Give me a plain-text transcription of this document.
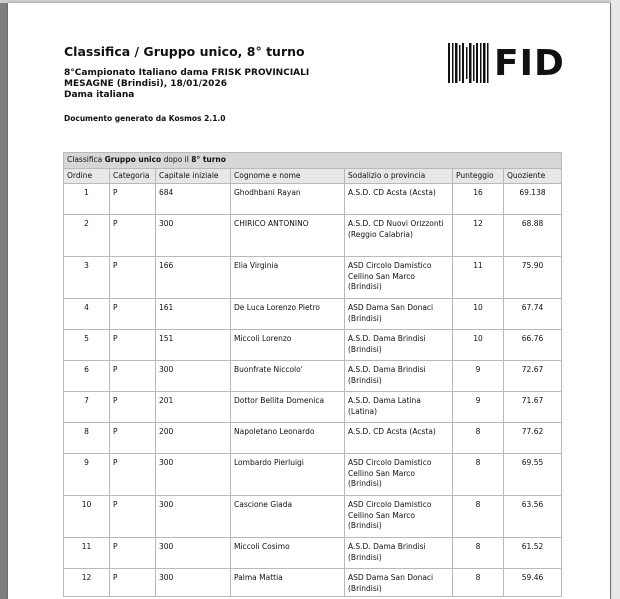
Classifica / Gruppo unico, 8° turno
8°Campionato Italiano dama FRISK PROVINCIALI
MESAGNE (Brindisi), 18/01/2026
Dama italiana
Documento generato da Kosmos 2.1.0
FID
Classifica Gruppo unico dopo il 8° turno						
Ordine	Categoria	Capitale iniziale	Cognome e nome	Sodalizio o provincia	Punteggio	Quoziente
1	P	684	Ghodhbani Rayan	A.S.D. CD Acsta (Acsta)	16	69.138
2	P	300	CHIRICO ANTONINO	A.S.D. CD Nuovi Orizzonti (Reggio Calabria)	12	68.88
3	P	166	Elia Virginia	ASD Circolo Damistico Cellino San Marco (Brindisi)	11	75.90
4	P	161	De Luca Lorenzo Pietro	ASD Dama San Donaci (Brindisi)	10	67.74
5	P	151	Miccoli Lorenzo	A.S.D. Dama Brindisi (Brindisi)	10	66.76
6	P	300	Buonfrate Niccolo'	A.S.D. Dama Brindisi (Brindisi)	9	72.67
7	P	201	Dottor Bellita Domenica	A.S.D. Dama Latina (Latina)	9	71.67
8	P	200	Napoletano Leonardo	A.S.D. CD Acsta (Acsta)	8	77.62
9	P	300	Lombardo Pierluigi	ASD Circolo Damistico Cellino San Marco (Brindisi)	8	69.55
10	P	300	Cascione Giada	ASD Circolo Damistico Cellino San Marco (Brindisi)	8	63.56
11	P	300	Miccoli Cosimo	A.S.D. Dama Brindisi (Brindisi)	8	61.52
12	P	300	Palma Mattia	ASD Dama San Donaci (Brindisi)	8	59.46
